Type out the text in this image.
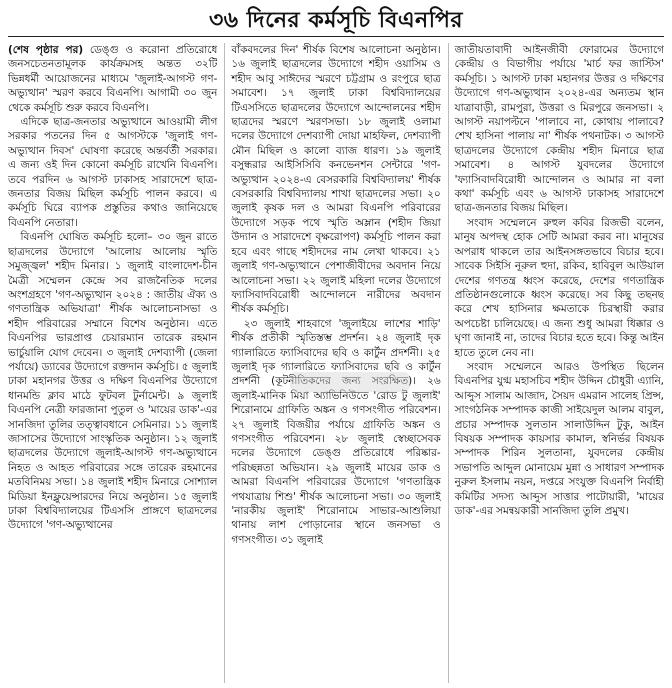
৩৬ দিনের কর্মসূচি বিএনপির

(শেষ পৃষ্ঠার পর) ডেঙ্গু ও করোনা প্রতিরোধে জনসচেতনতামূলক কার্যক্রমসহ অন্তত ৩২টি ভিন্নধর্মী আয়োজনের মাধ্যমে 'জুলাই-আগস্ট গণ-অভ্যুত্থান' স্মরণ করবে বিএনপি। আগামী ৩০ জুন থেকে কর্মসূচি শুরু করবে বিএনপি।

এদিকে ছাত্র-জনতার অভ্যুত্থানে আওয়ামী লীগ সরকার পতনের দিন ৫ আগস্টকে 'জুলাই গণ-অভ্যুত্থান দিবস' ঘোষণা করেছে অন্তর্বর্তী সরকার। এ জন্য ওই দিন কোনো কর্মসূচি রাখেনি বিএনপি। তবে পরদিন ৬ আগস্ট ঢাকাসহ সারাদেশে ছাত্র-জনতার বিজয় মিছিল কর্মসূচি পালন করবে। এ কর্মসূচি ঘিরে ব্যাপক প্রস্তুতির কথাও জানিয়েছে বিএনপি নেতারা।

বিএনপি ঘোষিত কর্মসূচি হলো– ৩০ জুন রাতে ছাত্রদলের উদ্যোগে 'আলোয় আলোয় স্মৃতি সমুজ্জ্বল' শহীদ মিনার। ১ জুলাই বাংলাদেশ-চীন মৈত্রী সম্মেলন কেন্দ্রে সব রাজনৈতিক দলের অংশগ্রহণে 'গণ-অভ্যুত্থান ২০২৪ : জাতীয় ঐক্য ও গণতান্ত্রিক অভিযাত্রা' শীর্ষক আলোচনাসভা ও শহীদ পরিবারের সম্মানে বিশেষ অনুষ্ঠান। এতে বিএনপির ভারপ্রাপ্ত চেয়ারম্যান তারেক রহমান ভার্চুয়ালি যোগ দেবেন। ৩ জুলাই দেশব্যাপী (জেলা পর্যায়ে) ড্যাবের উদ্যোগে রক্তদান কর্মসূচি। ৫ জুলাই ঢাকা মহানগর উত্তর ও দক্ষিণ বিএনপির উদ্যোগে ধানমন্ডি ক্লাব মাঠে ফুটবল টুর্নামেন্ট। ৯ জুলাই বিএনপি নেত্রী ফারজানা পুতুল ও 'মায়ের ডাক'-এর সানজিদা তুলির তত্ত্বাবধানে সেমিনার। ১১ জুলাই জাসাসের উদ্যোগে সাংস্কৃতিক অনুষ্ঠান। ১২ জুলাই ছাত্রদলের উদ্যোগে জুলাই-আগস্ট গণ-অভ্যুত্থানে নিহত ও আহত পরিবারের সঙ্গে তারেক রহমানের মতবিনিময় সভা। ১৪ জুলাই শহীদ মিনারে সোশ্যাল মিডিয়া ইনফ্লুয়েন্সারদের নিয়ে অনুষ্ঠান। ১৫ জুলাই ঢাকা বিশ্ববিদ্যালয়ের টিএসসি প্রাঙ্গণে ছাত্রদলের উদ্যোগে 'গণ-অভ্যুত্থানের

বাঁকবদলের দিন' শীর্ষক বিশেষ আলোচনা অনুষ্ঠান। ১৬ জুলাই ছাত্রদলের উদ্যোগে শহীদ ওয়াসিম ও শহীদ আবু সাঈদের স্মরণে চট্টগ্রাম ও রংপুরে ছাত্র সমাবেশ। ১৭ জুলাই ঢাকা বিশ্ববিদ্যালয়ের টিএসসিতে ছাত্রদলের উদ্যোগে আন্দোলনের শহীদ ছাত্রদের স্মরণে স্মরণসভা। ১৮ জুলাই ওলামা দলের উদ্যোগে দেশব্যাপী দোয়া মাহফিল, দেশব্যাপী মৌন মিছিল ও কালো ব্যাজ ধারণ। ১৯ জুলাই বসুন্ধরার আইসিসিবি কনভেনশন সেন্টারে 'গণ-অভ্যুত্থান ২০২৪-এ বেসরকারি বিশ্ববিদ্যালয়' শীর্ষক বেসরকারি বিশ্ববিদ্যালয় শাখা ছাত্রদলের সভা। ২০ জুলাই কৃষক দল ও আমরা বিএনপি পরিবারের উদ্যোগে সড়ক পথে স্মৃতি অম্লান (শহীদ জিয়া উদ্যান ও সারাদেশে বৃক্ষরোপণ) কর্মসূচি পালন করা হবে এবং গাছে শহীদদের নাম লেখা থাকবে। ২১ জুলাই গণ-অভ্যুত্থানে পেশাজীবীদের অবদান নিয়ে আলোচনা সভা। ২২ জুলাই মহিলা দলের উদ্যোগে ফ্যাসিবাদবিরোধী আন্দোলনে নারীদের অবদান শীর্ষক কর্মসূচি।

২৩ জুলাই শাহবাগে 'জুলাইয়ে লাশের শাড়ি' শীর্ষক প্রতীকী স্মৃতিস্তম্ভ প্রদর্শন। ২৪ জুলাই দৃক গ্যালারিতে ফ্যাসিবাদের ছবি ও কার্টুন প্রদর্শনী। ২৫ জুলাই দৃক গ্যালারিতে ফ্যাসিবাদের ছবি ও কার্টুন প্রদর্শনী (কূটনীতিকদের জন্য সংরক্ষিত)। ২৬ জুলাই-মানিক মিয়া অ্যাভিনিউতে 'রোড টু জুলাই' শিরোনামে গ্রাফিতি অঙ্কন ও গণসংগীত পরিবেশন। ২৭ জুলাই বিজয়ীর পর্যায়ে গ্রাফিতি অঙ্কন ও গণসংগীত পরিবেশন। ২৮ জুলাই স্বেচ্ছাসেবক দলের উদ্যোগে ডেঙ্গু প্রতিরোধে পরিষ্কার-পরিচ্ছন্নতা অভিযান। ২৯ জুলাই মায়ের ডাক ও আমরা বিএনপি পরিবারের উদ্যোগে 'গণতান্ত্রিক পথযাত্রায় শিশু' শীর্ষক আলোচনা সভা। ৩০ জুলাই 'নারকীয় জুলাই' শিরোনামে সাভার-আশুলিয়া থানায় লাশ পোড়ানোর স্থানে জনসভা ও গণসংগীত। ৩১ জুলাই

জাতীয়তাবাদী আইনজীবী ফোরামের উদ্যোগে কেন্দ্রীয় ও বিভাগীয় পর্যায়ে 'মার্চ ফর জাস্টিস' কর্মসূচি। ১ আগস্ট ঢাকা মহানগর উত্তর ও দক্ষিণের উদ্যোগে গণ-অভ্যুত্থান ২০২৪-এর অন্যতম স্থান যাত্রাবাড়ী, রামপুরা, উত্তরা ও মিরপুরে জনসভা। ২ আগস্ট নয়াপল্টনে 'পালাবে না, কোথায় পালাবে? শেখ হাসিনা পালায় না' শীর্ষক পথনাটক। ৩ আগস্ট ছাত্রদলের উদ্যোগে কেন্দ্রীয় শহীদ মিনারে ছাত্র সমাবেশ। ৪ আগস্ট যুবদলের উদ্যোগে 'ফ্যাসিবাদবিরোধী আন্দোলন ও আমার না বলা কথা' কর্মসূচি এবং ৬ আগস্ট ঢাকাসহ সারাদেশে ছাত্র-জনতার বিজয় মিছিল।

সংবাদ সম্মেলনে রুহুল কবির রিজভী বলেন, মানুষ অপদস্থ হোক সেটি আমরা করব না। মানুষের অপরাধ থাকলে তার আইনসঙ্গতভাবে বিচার হবে। সাবেক সিইসি নূরুল হুদা, রকিব, হাবিবুল আউয়াল দেশের গণতন্ত্র ধ্বংস করেছে, দেশের গণতান্ত্রিক প্রতিষ্ঠানগুলোকে ধ্বংস করেছে। সব কিছু তছনছ করে শেখ হাসিনার ক্ষমতাকে চিরস্থায়ী করার অপচেষ্টা চালিয়েছে। এ জন্য শুধু আমরা ধিক্কার ও ঘৃণা জানাই না, তাদের বিচার হতে হবে। কিন্তু আইন হাতে তুলে নেব না।

সংবাদ সম্মেলনে আরও উপস্থিত ছিলেন বিএনপির যুগ্ম মহাসচিব শহীদ উদ্দিন চৌধুরী এ্যানি, আব্দুস সালাম আজাদ, সৈয়দ এমরান সালেহ প্রিন্স, সাংগঠনিক সম্পাদক কাজী সাইয়েদুল আলম বাবুল, প্রচার সম্পাদক সুলতান সালাউদ্দিন টুকু, আইন বিষয়ক সম্পাদক কায়সার কামাল, স্বনির্ভর বিষয়ক সম্পাদক শিরিন সুলতানা, যুবদলের কেন্দ্রীয় সভাপতি আব্দুল মোনায়েম মুন্না ও সাধারণ সম্পাদক নুরুল ইসলাম নয়ন, দপ্তরে সংযুক্ত বিএনপি নির্বাহী কমিটির সদস্য আব্দুস সাত্তার পাটোয়ারী, 'মায়ের ডাক'-এর সমন্বয়কারী সানজিদা তুলি প্রমুখ।
